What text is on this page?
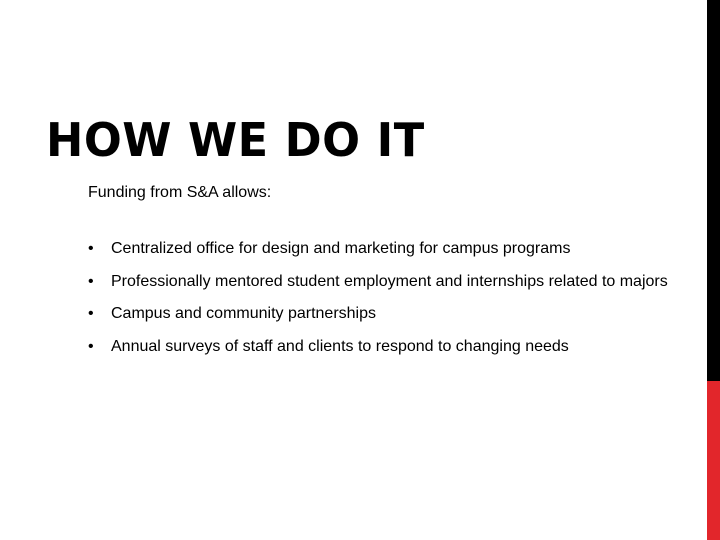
HOW WE DO IT
Funding from S&A allows:
• Centralized office for design and marketing for campus programs
• Professionally mentored student employment and internships related to majors
• Campus and community partnerships
• Annual surveys of staff and clients to respond to changing needs
